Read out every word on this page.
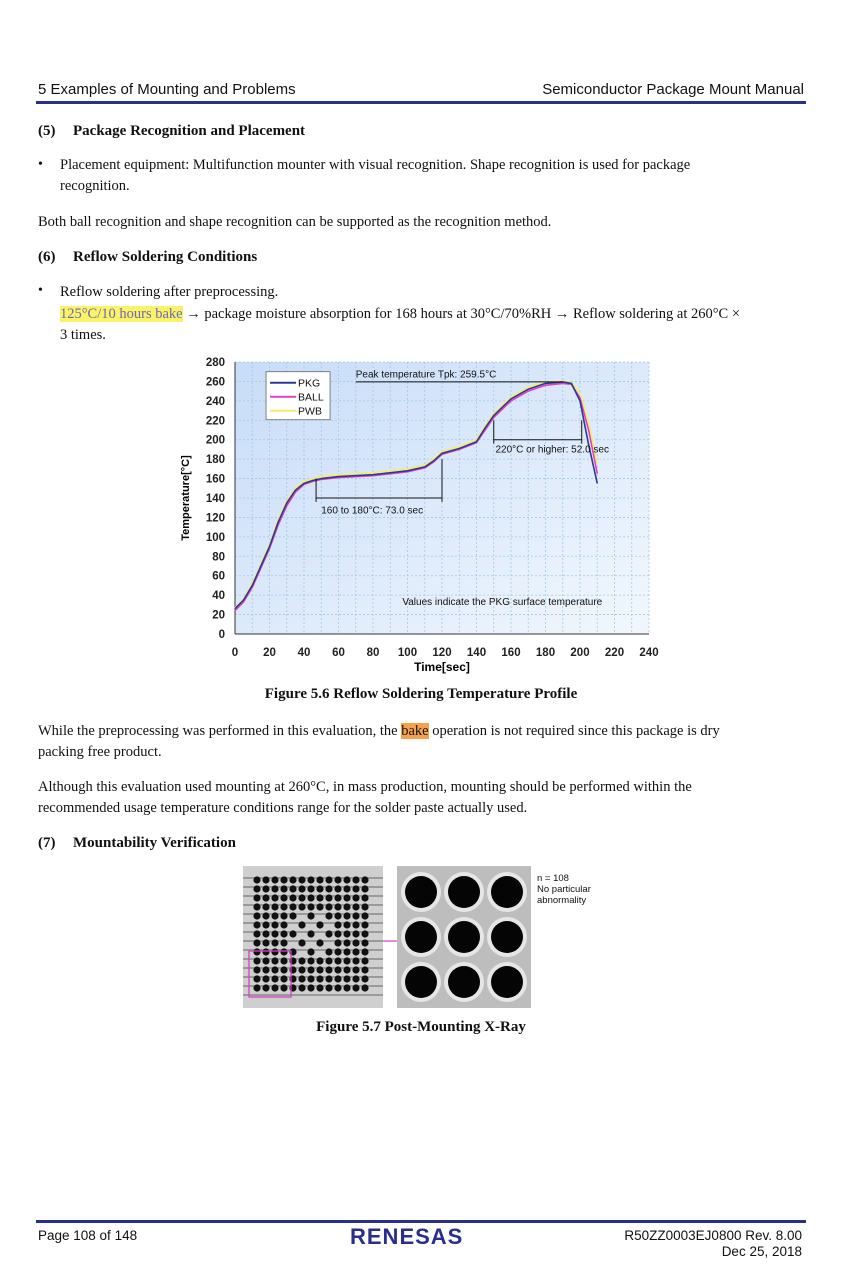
5 Examples of Mounting and Problems	Semiconductor Package Mount Manual
(5) Package Recognition and Placement
• Placement equipment: Multifunction mounter with visual recognition. Shape recognition is used for package
recognition.
Both ball recognition and shape recognition can be supported as the recognition method.
(6) Reflow Soldering Conditions
• Reflow soldering after preprocessing.
125°C/10 hours bake → package moisture absorption for 168 hours at 30°C/70%RH → Reflow soldering at 260°C ×
3 times.
0
20
40
60
80
100
120
140
160
180
200
220
240
260
280
0 20 40 60 80 100 120 140 160 180 200 220 240
Peak temperature Tpk: 259.5°C
220°C or higher: 52.0 sec
160 to 180°C: 73.0 sec
Values indicate the PKG surface temperature
PKG
BALL
PWB
Time[sec]
Temperature[°C]
Figure 5.6 Reflow Soldering Temperature Profile
While the preprocessing was performed in this evaluation, the bake operation is not required since this package is dry
packing free product.
Although this evaluation used mounting at 260°C, in mass production, mounting should be performed within the
recommended usage temperature conditions range for the solder paste actually used.
(7) Mountability Verification
n = 108
No particular
abnormality
Figure 5.7 Post-Mounting X-Ray
Page 108 of 148	RENESAS	R50ZZ0003EJ0800 Rev. 8.00
Dec 25, 2018
